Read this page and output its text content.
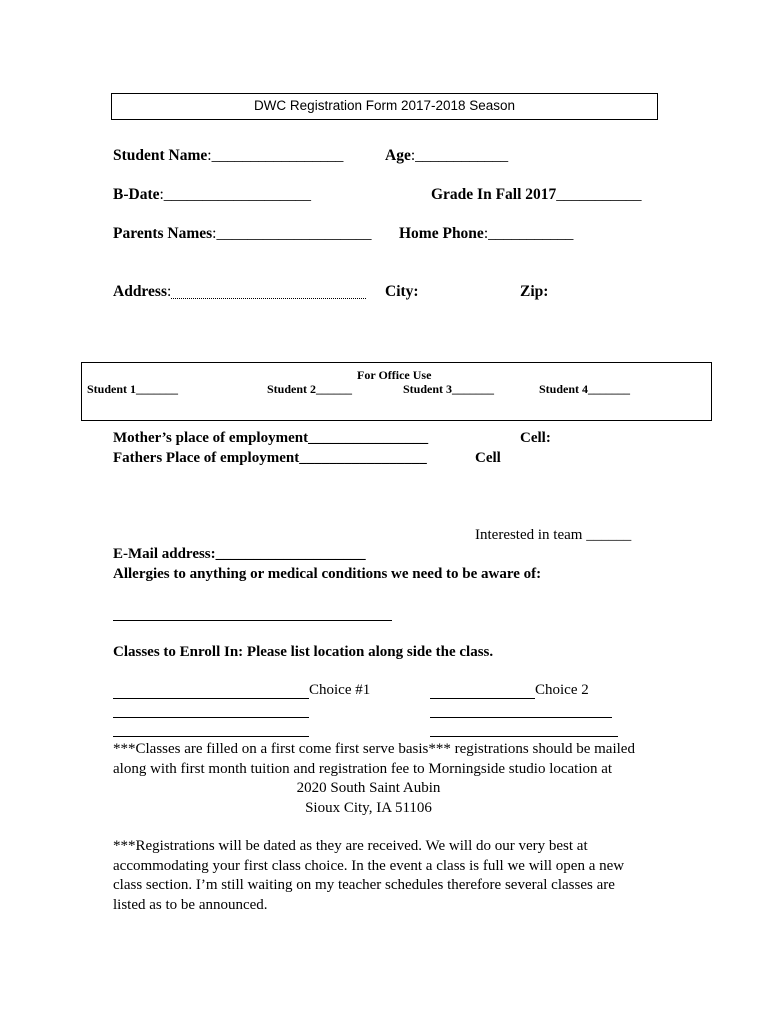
DWC Registration Form 2017-2018 Season
Student Name:_________________	Age:____________
B-Date:___________________	Grade In Fall 2017___________
Parents Names:____________________ Home Phone:___________
Address:	City:	Zip:
For Office Use
Student 1_______	Student 2______	Student 3_______	Student 4_______
Mother’s place of employment________________	Cell:
Fathers Place of employment_________________	Cell
Interested in team ______
E-Mail address:____________________
Allergies to anything or medical conditions we need to be aware of:
Classes to Enroll In: Please list location along side the class.
Choice #1	Choice 2
***Classes are filled on a first come first serve basis*** registrations should be mailed
along with first month tuition and registration fee to Morningside studio location at
2020 South Saint Aubin
Sioux City, IA 51106
***Registrations will be dated as they are received. We will do our very best at
accommodating your first class choice. In the event a class is full we will open a new
class section. I’m still waiting on my teacher schedules therefore several classes are
listed as to be announced.
